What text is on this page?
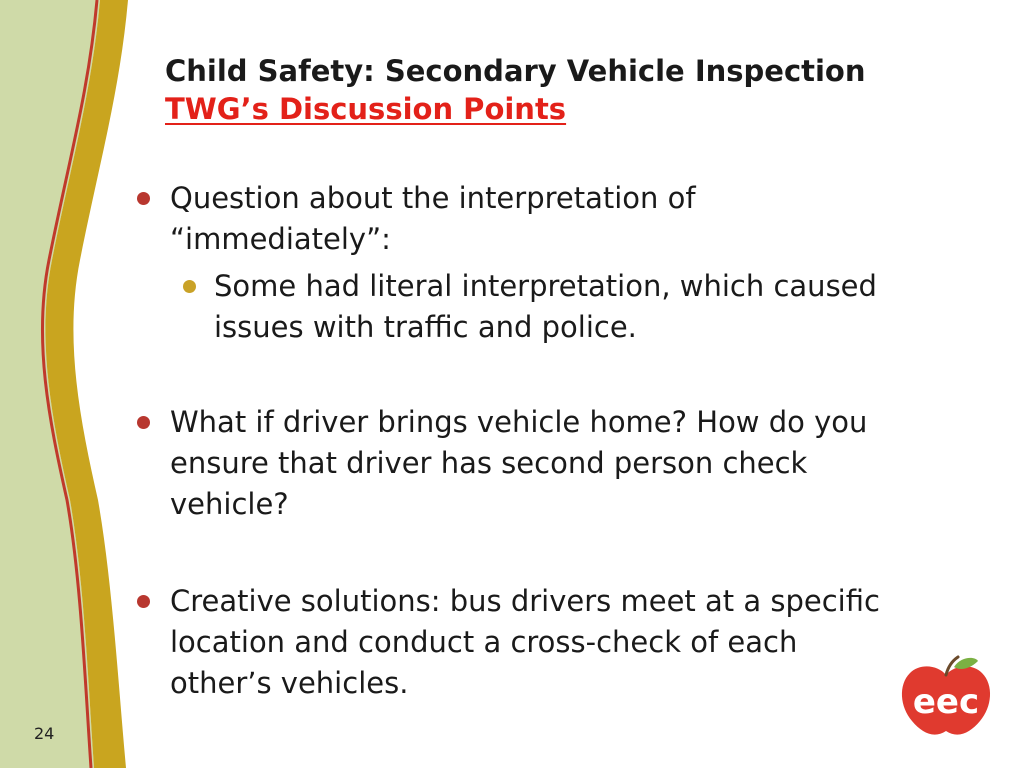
Child Safety: Secondary Vehicle Inspection
TWG’s Discussion Points
Question about the interpretation of “immediately”:
Some had literal interpretation, which caused issues with traffic and police.
What if driver brings vehicle home? How do you ensure that driver has second person check vehicle?
Creative solutions: bus drivers meet at a specific location and conduct a cross-check of each other’s vehicles.
24
eec
